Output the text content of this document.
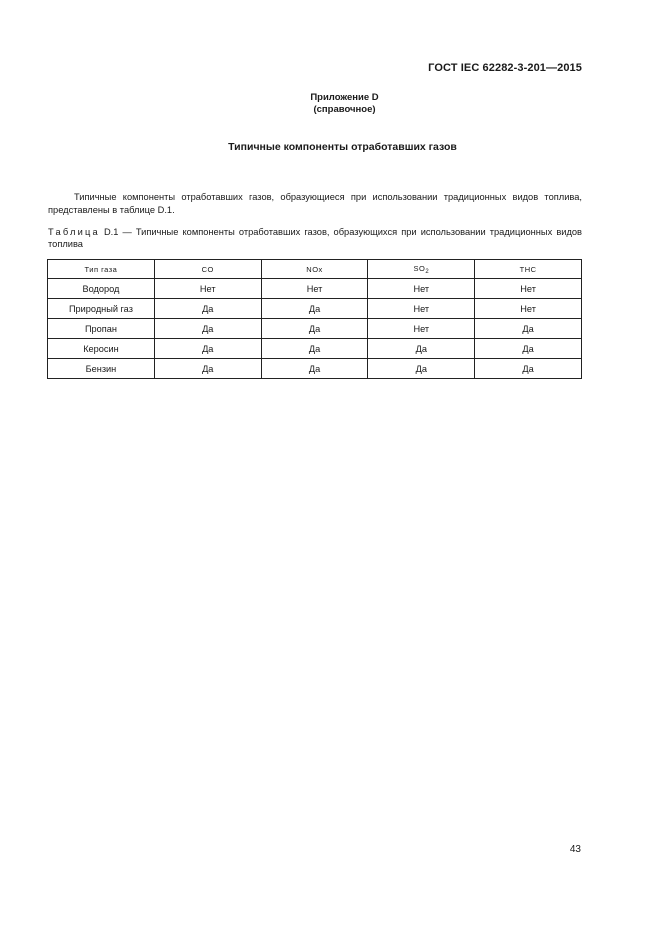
ГОСТ IEC 62282-3-201—2015
Приложение D
(справочное)
Типичные компоненты отработавших газов
Типичные компоненты отработавших газов, образующиеся при использовании традиционных видов топлива, представлены в таблице D.1.
Таблица D.1 — Типичные компоненты отработавших газов, образующихся при использовании традиционных видов топлива
Тип газа	CO	NOx	$SO_2$	THC
Водород	Нет	Нет	Нет	Нет
Природный газ	Да	Да	Нет	Нет
Пропан	Да	Да	Нет	Да
Керосин	Да	Да	Да	Да
Бензин	Да	Да	Да	Да
43
